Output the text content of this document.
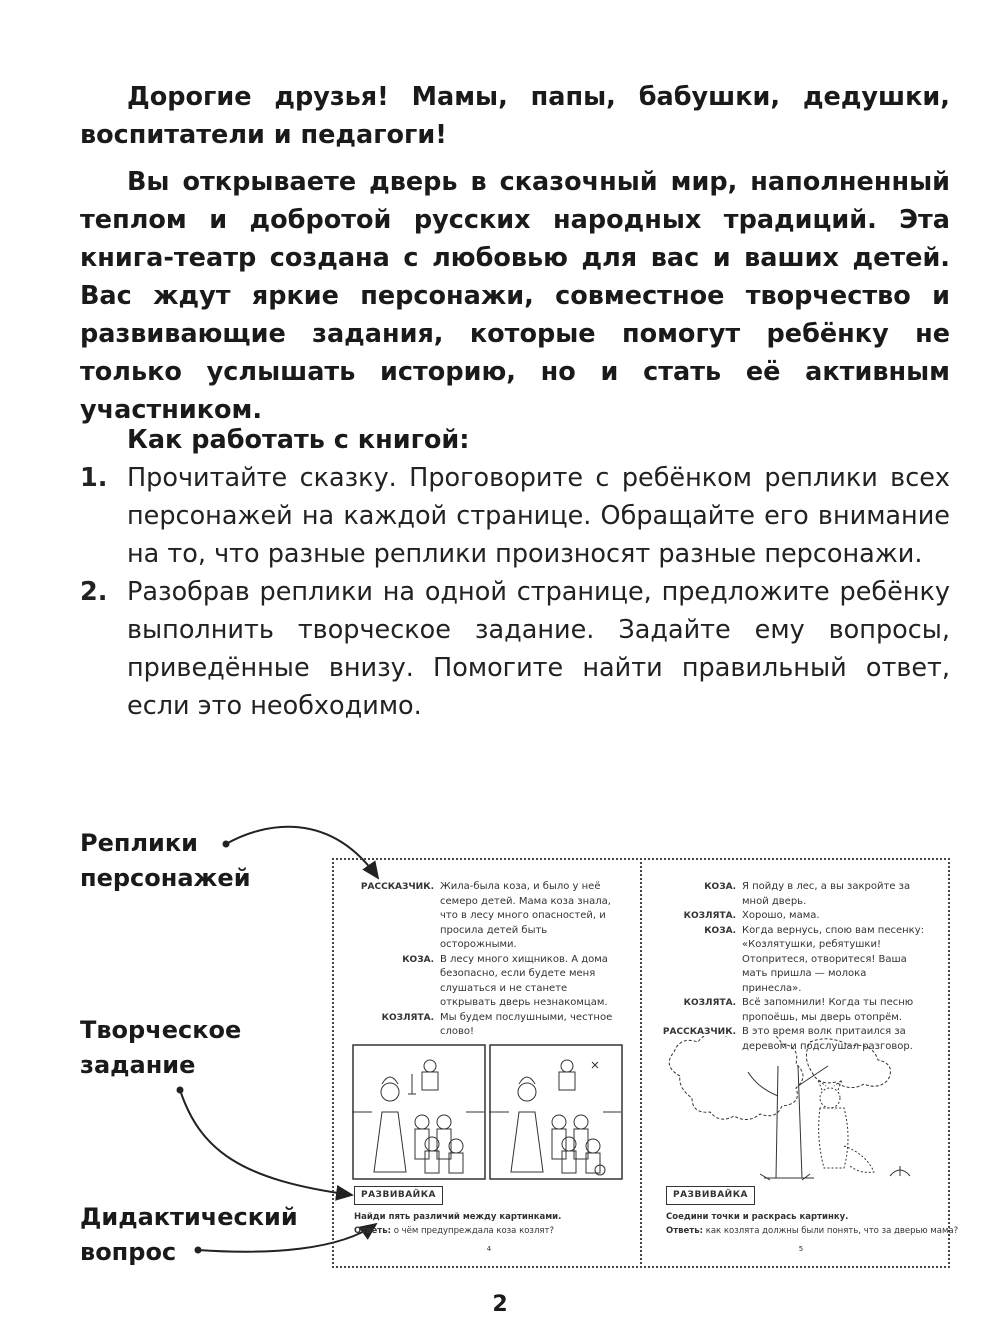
Дорогие друзья! Мамы, папы, бабушки, дедушки, воспитатели и педагоги!

Вы открываете дверь в сказочный мир, наполненный теплом и добротой русских народных традиций. Эта книга-театр создана с любовью для вас и ваших детей. Вас ждут яркие персонажи, совместное творчество и развивающие задания, которые помогут ребёнку не только услышать историю, но и стать её активным участником.

Как работать с книгой:
1. Прочитайте сказку. Проговорите с ребёнком реплики всех персонажей на каждой странице. Обращайте его внимание на то, что разные реплики произносят разные персонажи.
2. Разобрав реплики на одной странице, предложите ребёнку выполнить творческое задание. Задайте ему вопросы, приведённые внизу. Помогите найти правильный ответ, если это необходимо.
Реплики персонажей
Творческое задание
Дидактический вопрос
РАССКАЗЧИК. Жила-была коза, и было у неё семеро детей. Мама коза знала, что в лесу много опасностей, и просила детей быть осторожными.
КОЗА. В лесу много хищников. А дома безопасно, если будете меня слушаться и не станете открывать дверь незнакомцам.
КОЗЛЯТА. Мы будем послушными, честное слово!
РАЗВИВАЙКА
Найди пять различий между картинками.
Ответь: о чём предупреждала коза козлят?
4
КОЗА. Я пойду в лес, а вы закройте за мной дверь.
КОЗЛЯТА. Хорошо, мама.
КОЗА. Когда вернусь, спою вам песенку: «Козлятушки, ребятушки! Отопритеся, отворитеся! Ваша мать пришла — молока принесла».
КОЗЛЯТА. Всё запомнили! Когда ты песню пропоёшь, мы дверь отопрём.
РАССКАЗЧИК. В это время волк притаился за деревом и подслушал разговор.
РАЗВИВАЙКА
Соедини точки и раскрась картинку.
Ответь: как козлята должны были понять, что за дверью мама?
5
2
